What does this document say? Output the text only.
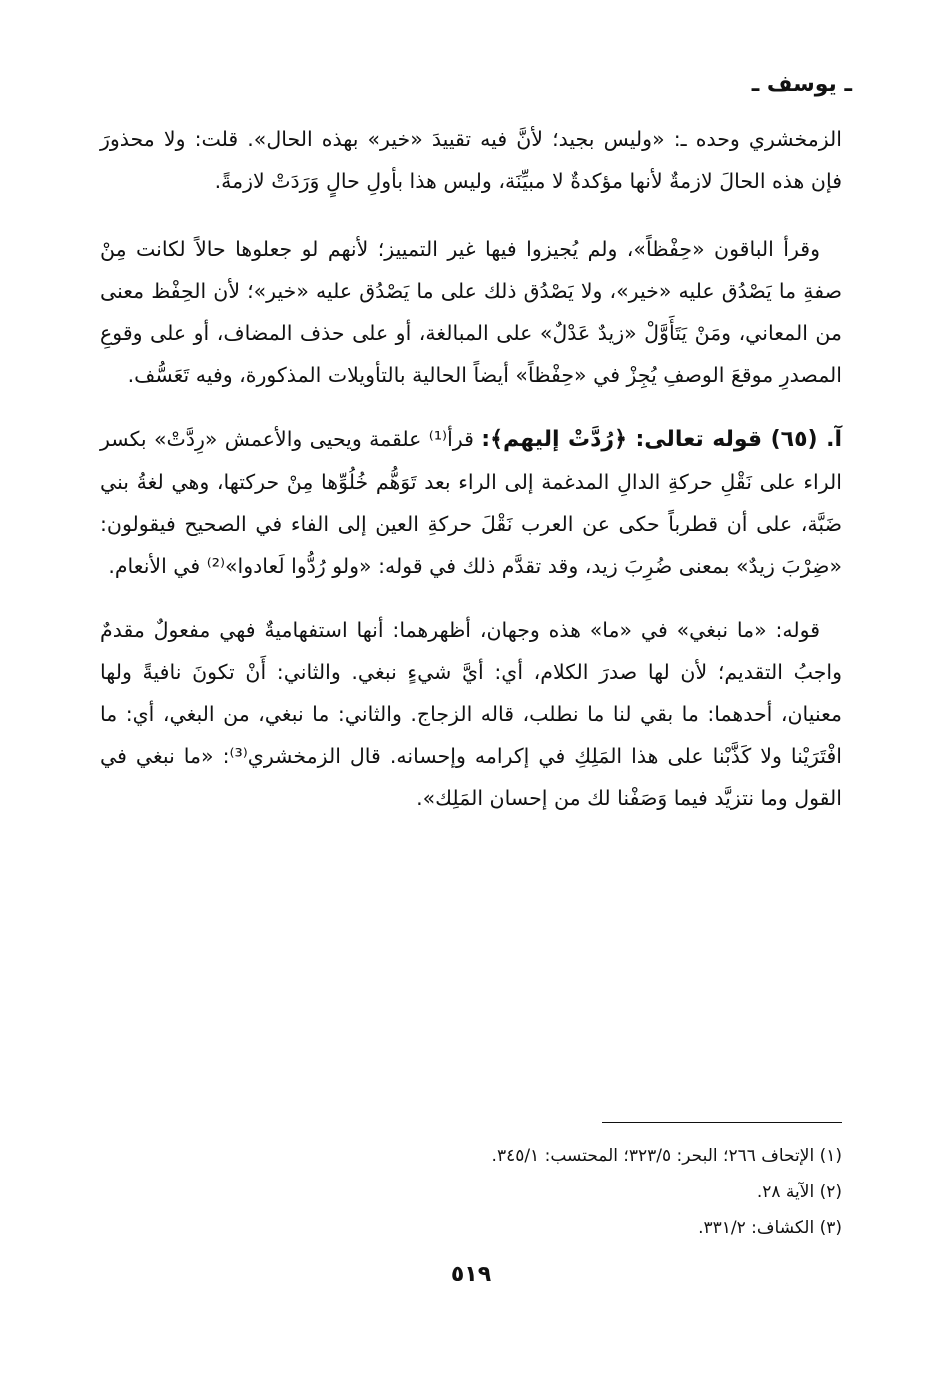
ـ يوسف ـ

الزمخشري وحده ـ: «وليس بجيد؛ لأنَّ فيه تقييدَ «خير» بهذه الحال». قلت: ولا محذورَ فإن هذه الحالَ لازمةٌ لأنها مؤكدةٌ لا مبيِّنَة، وليس هذا بأولِ حالٍ وَرَدَتْ لازمةً.

وقرأ الباقون «حِفْظاً»، ولم يُجيزوا فيها غير التمييز؛ لأنهم لو جعلوها حالاً لكانت مِنْ صفةِ ما يَصْدُق عليه «خير»، ولا يَصْدُق ذلك على ما يَصْدُق عليه «خير»؛ لأن الحِفْظ معنى من المعاني، ومَنْ يَتَأَوَّلْ «زيدٌ عَدْلٌ» على المبالغة، أو على حذف المضاف، أو على وقوعِ المصدرِ موقعَ الوصفِ يُجِزْ في «حِفْظاً» أيضاً الحالية بالتأويلات المذكورة، وفيه تَعَسُّف.

آ. (٦٥) قوله تعالى: ﴿رُدَّتْ إليهم﴾: قرأ⁽¹⁾ علقمة ويحيى والأعمش «رِدَّتْ» بكسر الراء على نَقْلِ حركةِ الدالِ المدغمة إلى الراء بعد تَوَهُّم خُلُوِّها مِنْ حركتها، وهي لغةُ بني ضَبَّة، على أن قطرباً حكى عن العرب نَقْلَ حركةِ العين إلى الفاء في الصحيح فيقولون: «ضِرْبَ زيدٌ» بمعنى ضُرِبَ زيد، وقد تقدَّم ذلك في قوله: «ولو رُدُّوا لَعادوا»⁽²⁾ في الأنعام.

قوله: «ما نبغي» في «ما» هذه وجهان، أظهرهما: أنها استفهاميةٌ فهي مفعولٌ مقدمٌ واجبُ التقديم؛ لأن لها صدرَ الكلام، أي: أيَّ شيءٍ نبغي. والثاني: أَنْ تكونَ نافيةً ولها معنيان، أحدهما: ما بقي لنا ما نطلب، قاله الزجاج. والثاني: ما نبغي، من البغي، أي: ما افْتَرَيْنا ولا كَذَّبْنا على هذا المَلِكِ في إكرامه وإحسانه. قال الزمخشري⁽³⁾: «ما نبغي في القول وما نتزيَّد فيما وَصَفْنا لك من إحسان المَلِك».

(١) الإتحاف ٢٦٦؛ البحر: ٣٢٣/٥؛ المحتسب: ٣٤٥/١.
(٢) الآية ٢٨.
(٣) الكشاف: ٣٣١/٢.
٥١٩
